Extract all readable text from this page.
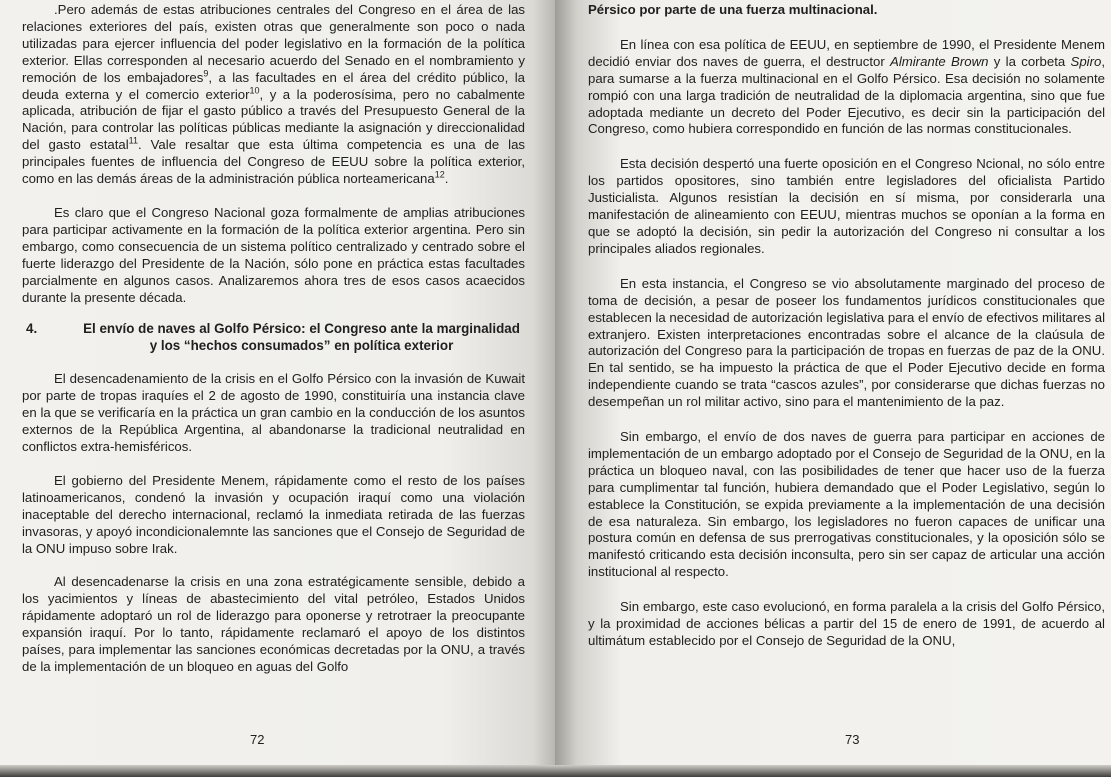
.Pero además de estas atribuciones centrales del Congreso en el área de las relaciones exteriores del país, existen otras que generalmente son poco o nada utilizadas para ejercer influencia del poder legislativo en la formación de la política exterior. Ellas corresponden al necesario acuerdo del Senado en el nombramiento y remoción de los embajadores$^9$, a las facultades en el área del crédito público, la deuda externa y el comercio exterior$^{10}$, y a la poderosísima, pero no cabalmente aplicada, atribución de fijar el gasto público a través del Presupuesto General de la Nación, para controlar las políticas públicas mediante la asignación y direccionalidad del gasto estatal$^{11}$. Vale resaltar que esta última competencia es una de las principales fuentes de influencia del Congreso de EEUU sobre la política exterior, como en las demás áreas de la administración pública norteamericana$^{12}$.

Es claro que el Congreso Nacional goza formalmente de amplias atribuciones para participar activamente en la formación de la política exterior argentina. Pero sin embargo, como consecuencia de un sistema político centralizado y centrado sobre el fuerte liderazgo del Presidente de la Nación, sólo pone en práctica estas facultades parcialmente en algunos casos. Analizaremos ahora tres de esos casos acaecidos durante la presente década.

4.	El envío de naves al Golfo Pérsico: el Congreso ante la marginalidad y los “hechos consumados” en política exterior

El desencadenamiento de la crisis en el Golfo Pérsico con la invasión de Kuwait por parte de tropas iraquíes el 2 de agosto de 1990, constituiría una instancia clave en la que se verificaría en la práctica un gran cambio en la conducción de los asuntos externos de la República Argentina, al abandonarse la tradicional neutralidad en conflictos extra-hemisféricos.

El gobierno del Presidente Menem, rápidamente como el resto de los países latinoamericanos, condenó la invasión y ocupación iraquí como una violación inaceptable del derecho internacional, reclamó la inmediata retirada de las fuerzas invasoras, y apoyó incondicionalemnte las sanciones que el Consejo de Seguridad de la ONU impuso sobre Irak.

Al desencadenarse la crisis en una zona estratégicamente sensible, debido a los yacimientos y líneas de abastecimiento del vital petróleo, Estados Unidos rápidamente adoptaró un rol de liderazgo para oponerse y retrotraer la preocupante expansión iraquí. Por lo tanto, rápidamente reclamaró el apoyo de los distintos países, para implementar las sanciones económicas decretadas por la ONU, a través de la implementación de un bloqueo en aguas del Golfo

72

Pérsico por parte de una fuerza multinacional.

En línea con esa política de EEUU, en septiembre de 1990, el Presidente Menem decidió enviar dos naves de guerra, el destructor Almirante Brown y la corbeta Spiro, para sumarse a la fuerza multinacional en el Golfo Pérsico. Esa decisión no solamente rompió con una larga tradición de neutralidad de la diplomacia argentina, sino que fue adoptada mediante un decreto del Poder Ejecutivo, es decir sin la participación del Congreso, como hubiera correspondido en función de las normas constitucionales.

Esta decisión despertó una fuerte oposición en el Congreso Ncional, no sólo entre los partidos opositores, sino también entre legisladores del oficialista Partido Justicialista. Algunos resistían la decisión en sí misma, por considerarla una manifestación de alineamiento con EEUU, mientras muchos se oponían a la forma en que se adoptó la decisión, sin pedir la autorización del Congreso ni consultar a los principales aliados regionales.

En esta instancia, el Congreso se vio absolutamente marginado del proceso de toma de decisión, a pesar de poseer los fundamentos jurídicos constitucionales que establecen la necesidad de autorización legislativa para el envío de efectivos militares al extranjero. Existen interpretaciones encontradas sobre el alcance de la claúsula de autorización del Congreso para la participación de tropas en fuerzas de paz de la ONU. En tal sentido, se ha impuesto la práctica de que el Poder Ejecutivo decide en forma independiente cuando se trata “cascos azules”, por considerarse que dichas fuerzas no desempeñan un rol militar activo, sino para el mantenimiento de la paz.

Sin embargo, el envío de dos naves de guerra para participar en acciones de implementación de un embargo adoptado por el Consejo de Seguridad de la ONU, en la práctica un bloqueo naval, con las posibilidades de tener que hacer uso de la fuerza para cumplimentar tal función, hubiera demandado que el Poder Legislativo, según lo establece la Constitución, se expida previamente a la implementación de una decisión de esa naturaleza. Sin embargo, los legisladores no fueron capaces de unificar una postura común en defensa de sus prerrogativas constitucionales, y la oposición sólo se manifestó criticando esta decisión inconsulta, pero sin ser capaz de articular una acción institucional al respecto.

Sin embargo, este caso evolucionó, en forma paralela a la crisis del Golfo Pérsico, y la proximidad de acciones bélicas a partir del 15 de enero de 1991, de acuerdo al ultimátum establecido por el Consejo de Seguridad de la ONU,

73
